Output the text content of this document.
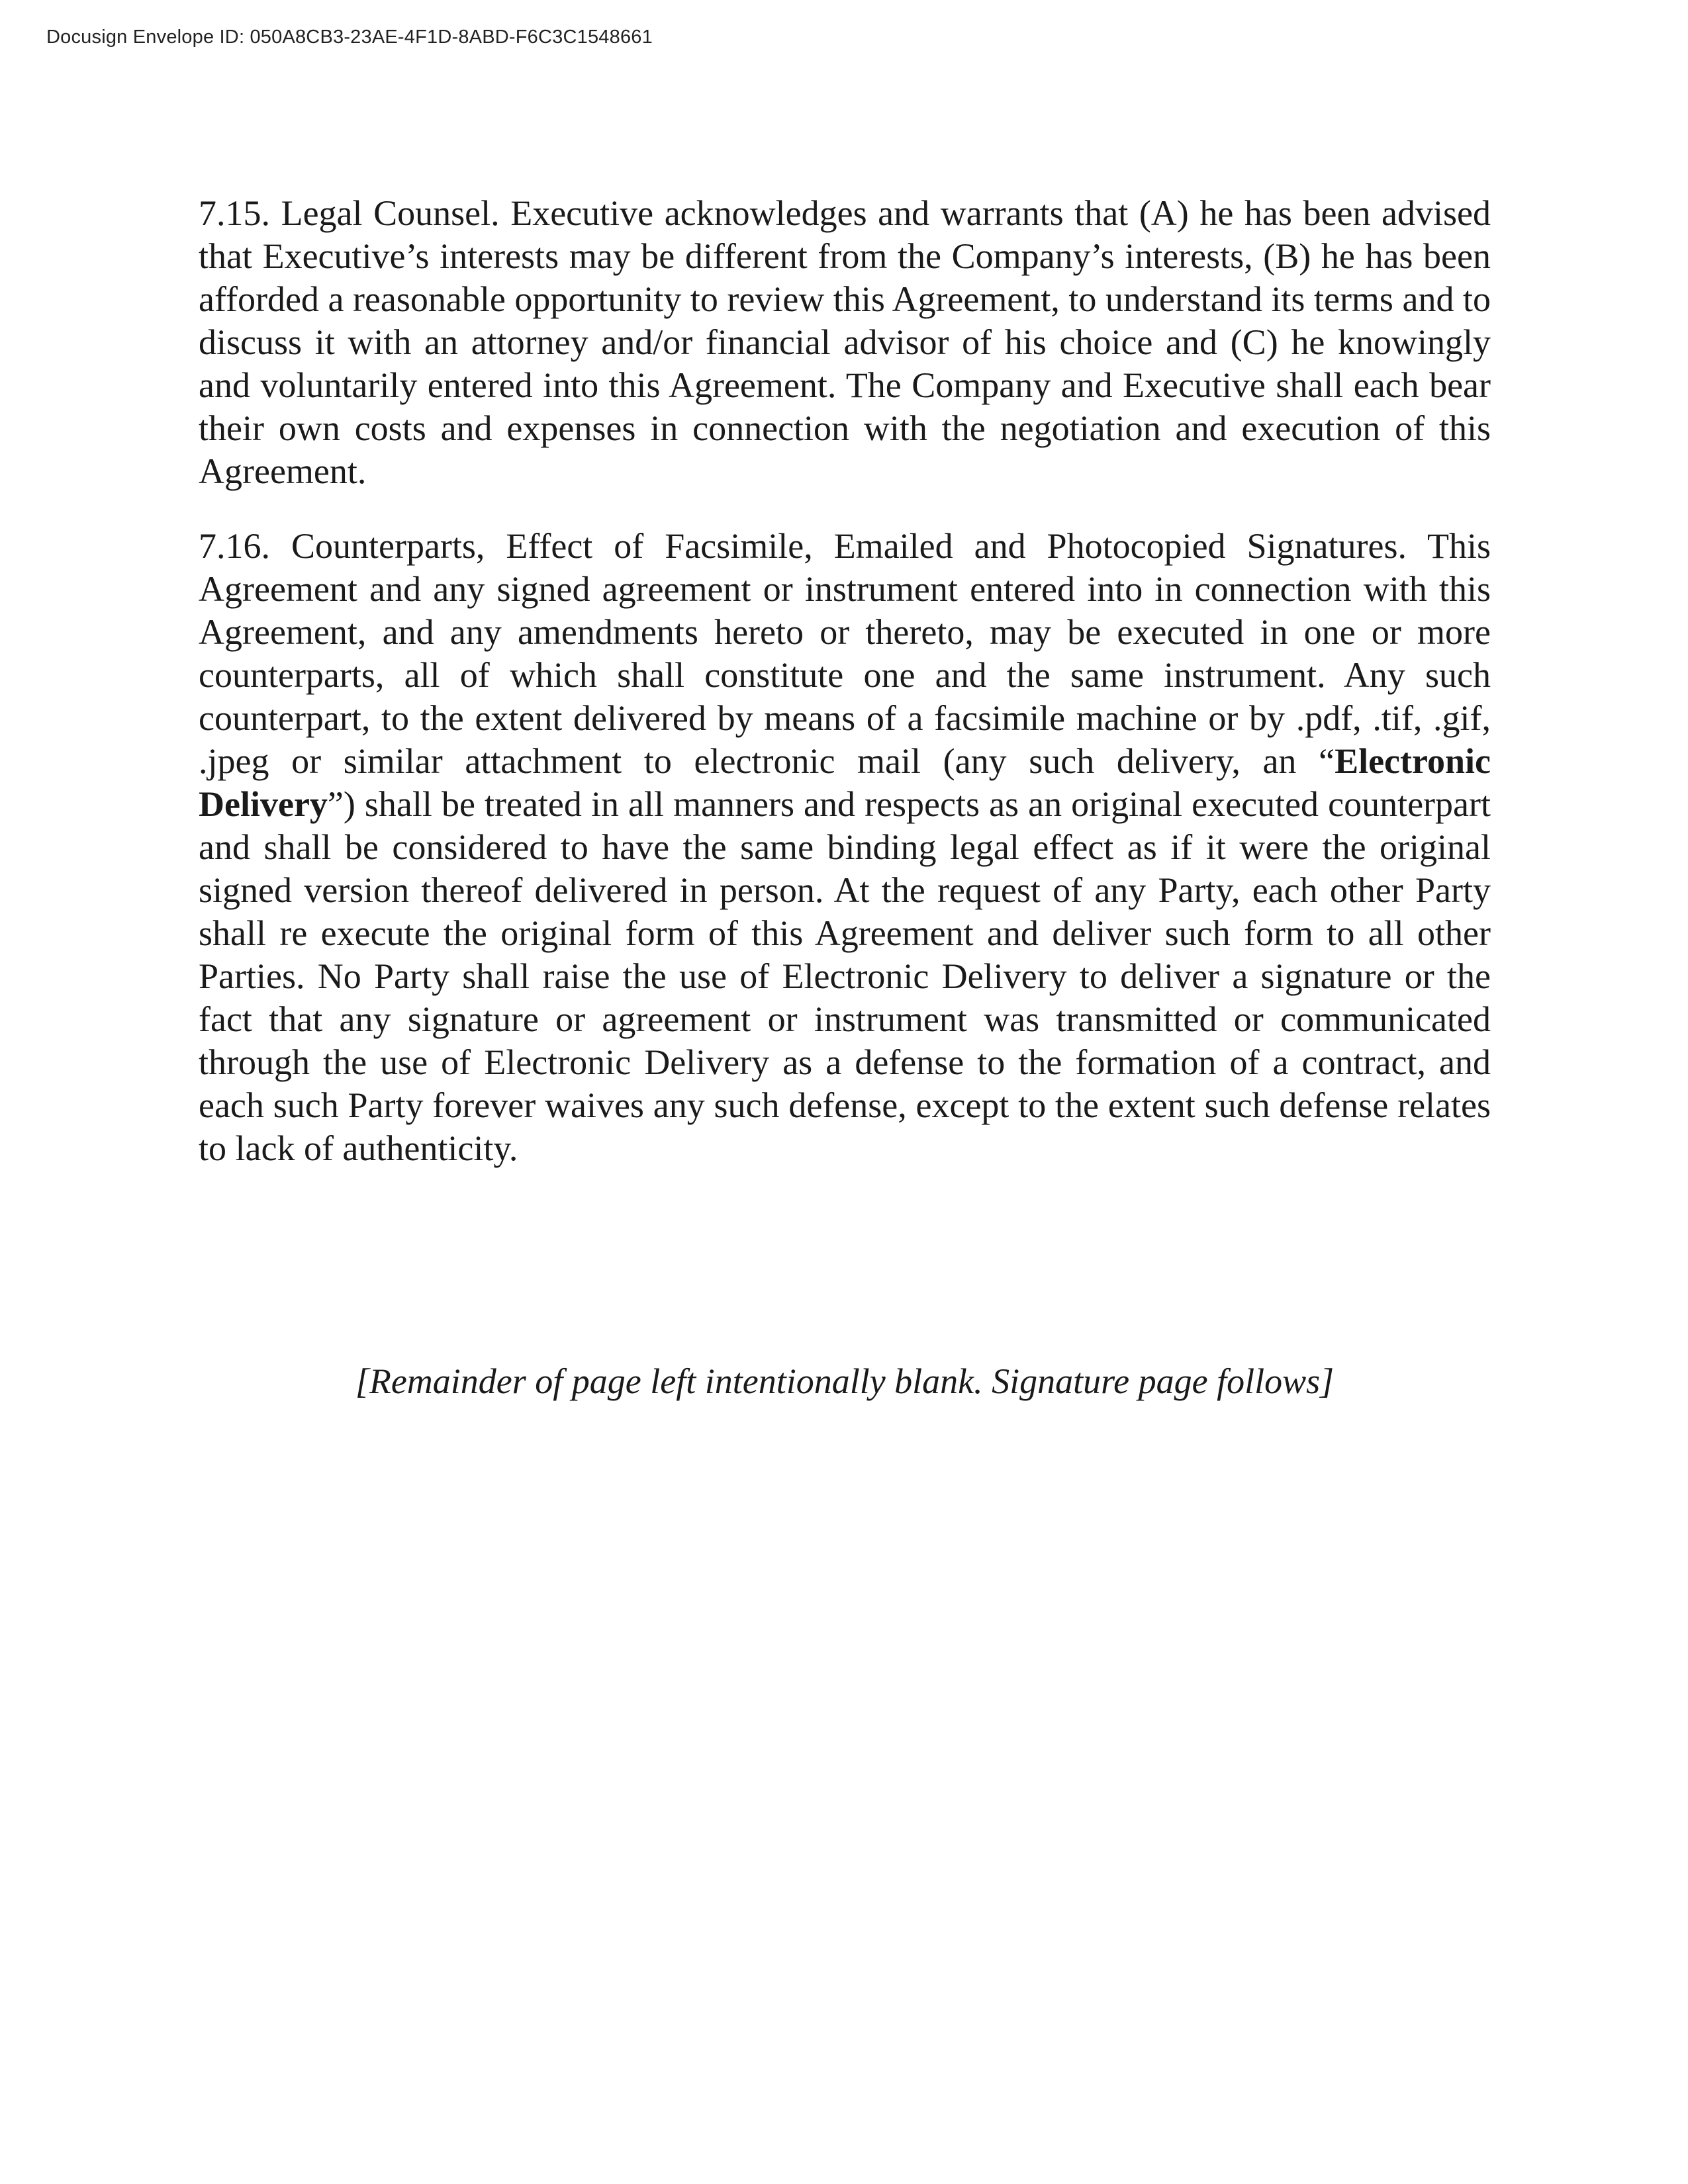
Docusign Envelope ID: 050A8CB3-23AE-4F1D-8ABD-F6C3C1548661

7.15. Legal Counsel. Executive acknowledges and warrants that (A) he has been advised that Executive’s interests may be different from the Company’s interests, (B) he has been afforded a reasonable opportunity to review this Agreement, to understand its terms and to discuss it with an attorney and/or financial advisor of his choice and (C) he knowingly and voluntarily entered into this Agreement. The Company and Executive shall each bear their own costs and expenses in connection with the negotiation and execution of this Agreement.

7.16. Counterparts, Effect of Facsimile, Emailed and Photocopied Signatures. This Agreement and any signed agreement or instrument entered into in connection with this Agreement, and any amendments hereto or thereto, may be executed in one or more counterparts, all of which shall constitute one and the same instrument. Any such counterpart, to the extent delivered by means of a facsimile machine or by .pdf, .tif, .gif, .jpeg or similar attachment to electronic mail (any such delivery, an “Electronic Delivery”) shall be treated in all manners and respects as an original executed counterpart and shall be considered to have the same binding legal effect as if it were the original signed version thereof delivered in person. At the request of any Party, each other Party shall re execute the original form of this Agreement and deliver such form to all other Parties. No Party shall raise the use of Electronic Delivery to deliver a signature or the fact that any signature or agreement or instrument was transmitted or communicated through the use of Electronic Delivery as a defense to the formation of a contract, and each such Party forever waives any such defense, except to the extent such defense relates to lack of authenticity.

[Remainder of page left intentionally blank. Signature page follows]
